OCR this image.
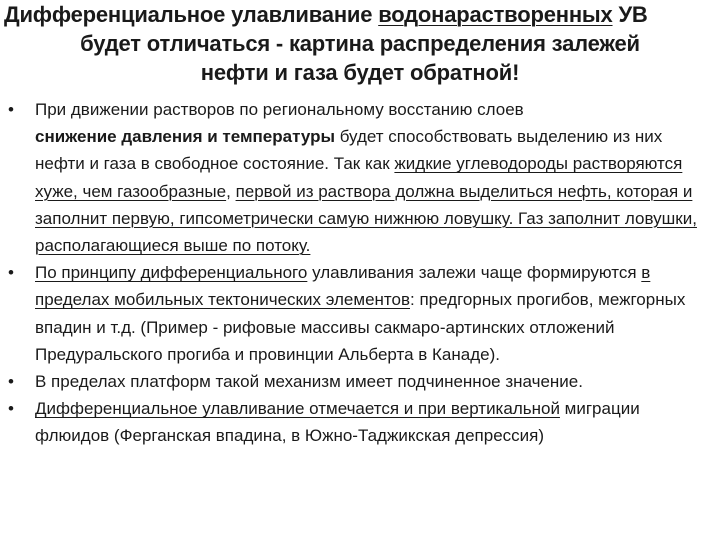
Дифференциальное улавливание водонарастворенных УВ
будет отличаться - картина распределения залежей
нефти и газа будет обратной!
• При движении растворов по региональному восстанию слоев
снижение давления и температуры будет способствовать выделению из них нефти и газа в свободное состояние. Так как жидкие углеводороды растворяются хуже, чем газообразные, первой из раствора должна выделиться нефть, которая и заполнит первую, гипсометрически самую нижнюю ловушку. Газ заполнит ловушки, располагающиеся выше по потоку.
• По принципу дифференциального улавливания залежи чаще формируются в пределах мобильных тектонических элементов: предгорных прогибов, межгорных впадин и т.д. (Пример - рифовые массивы сакмаро-артинских отложений Предуральского прогиба и провинции Альберта в Канаде).
• В пределах платформ такой механизм имеет подчиненное значение.
• Дифференциальное улавливание отмечается и при вертикальной миграции флюидов (Ферганская впадина, в Южно-Таджикская депрессия)
